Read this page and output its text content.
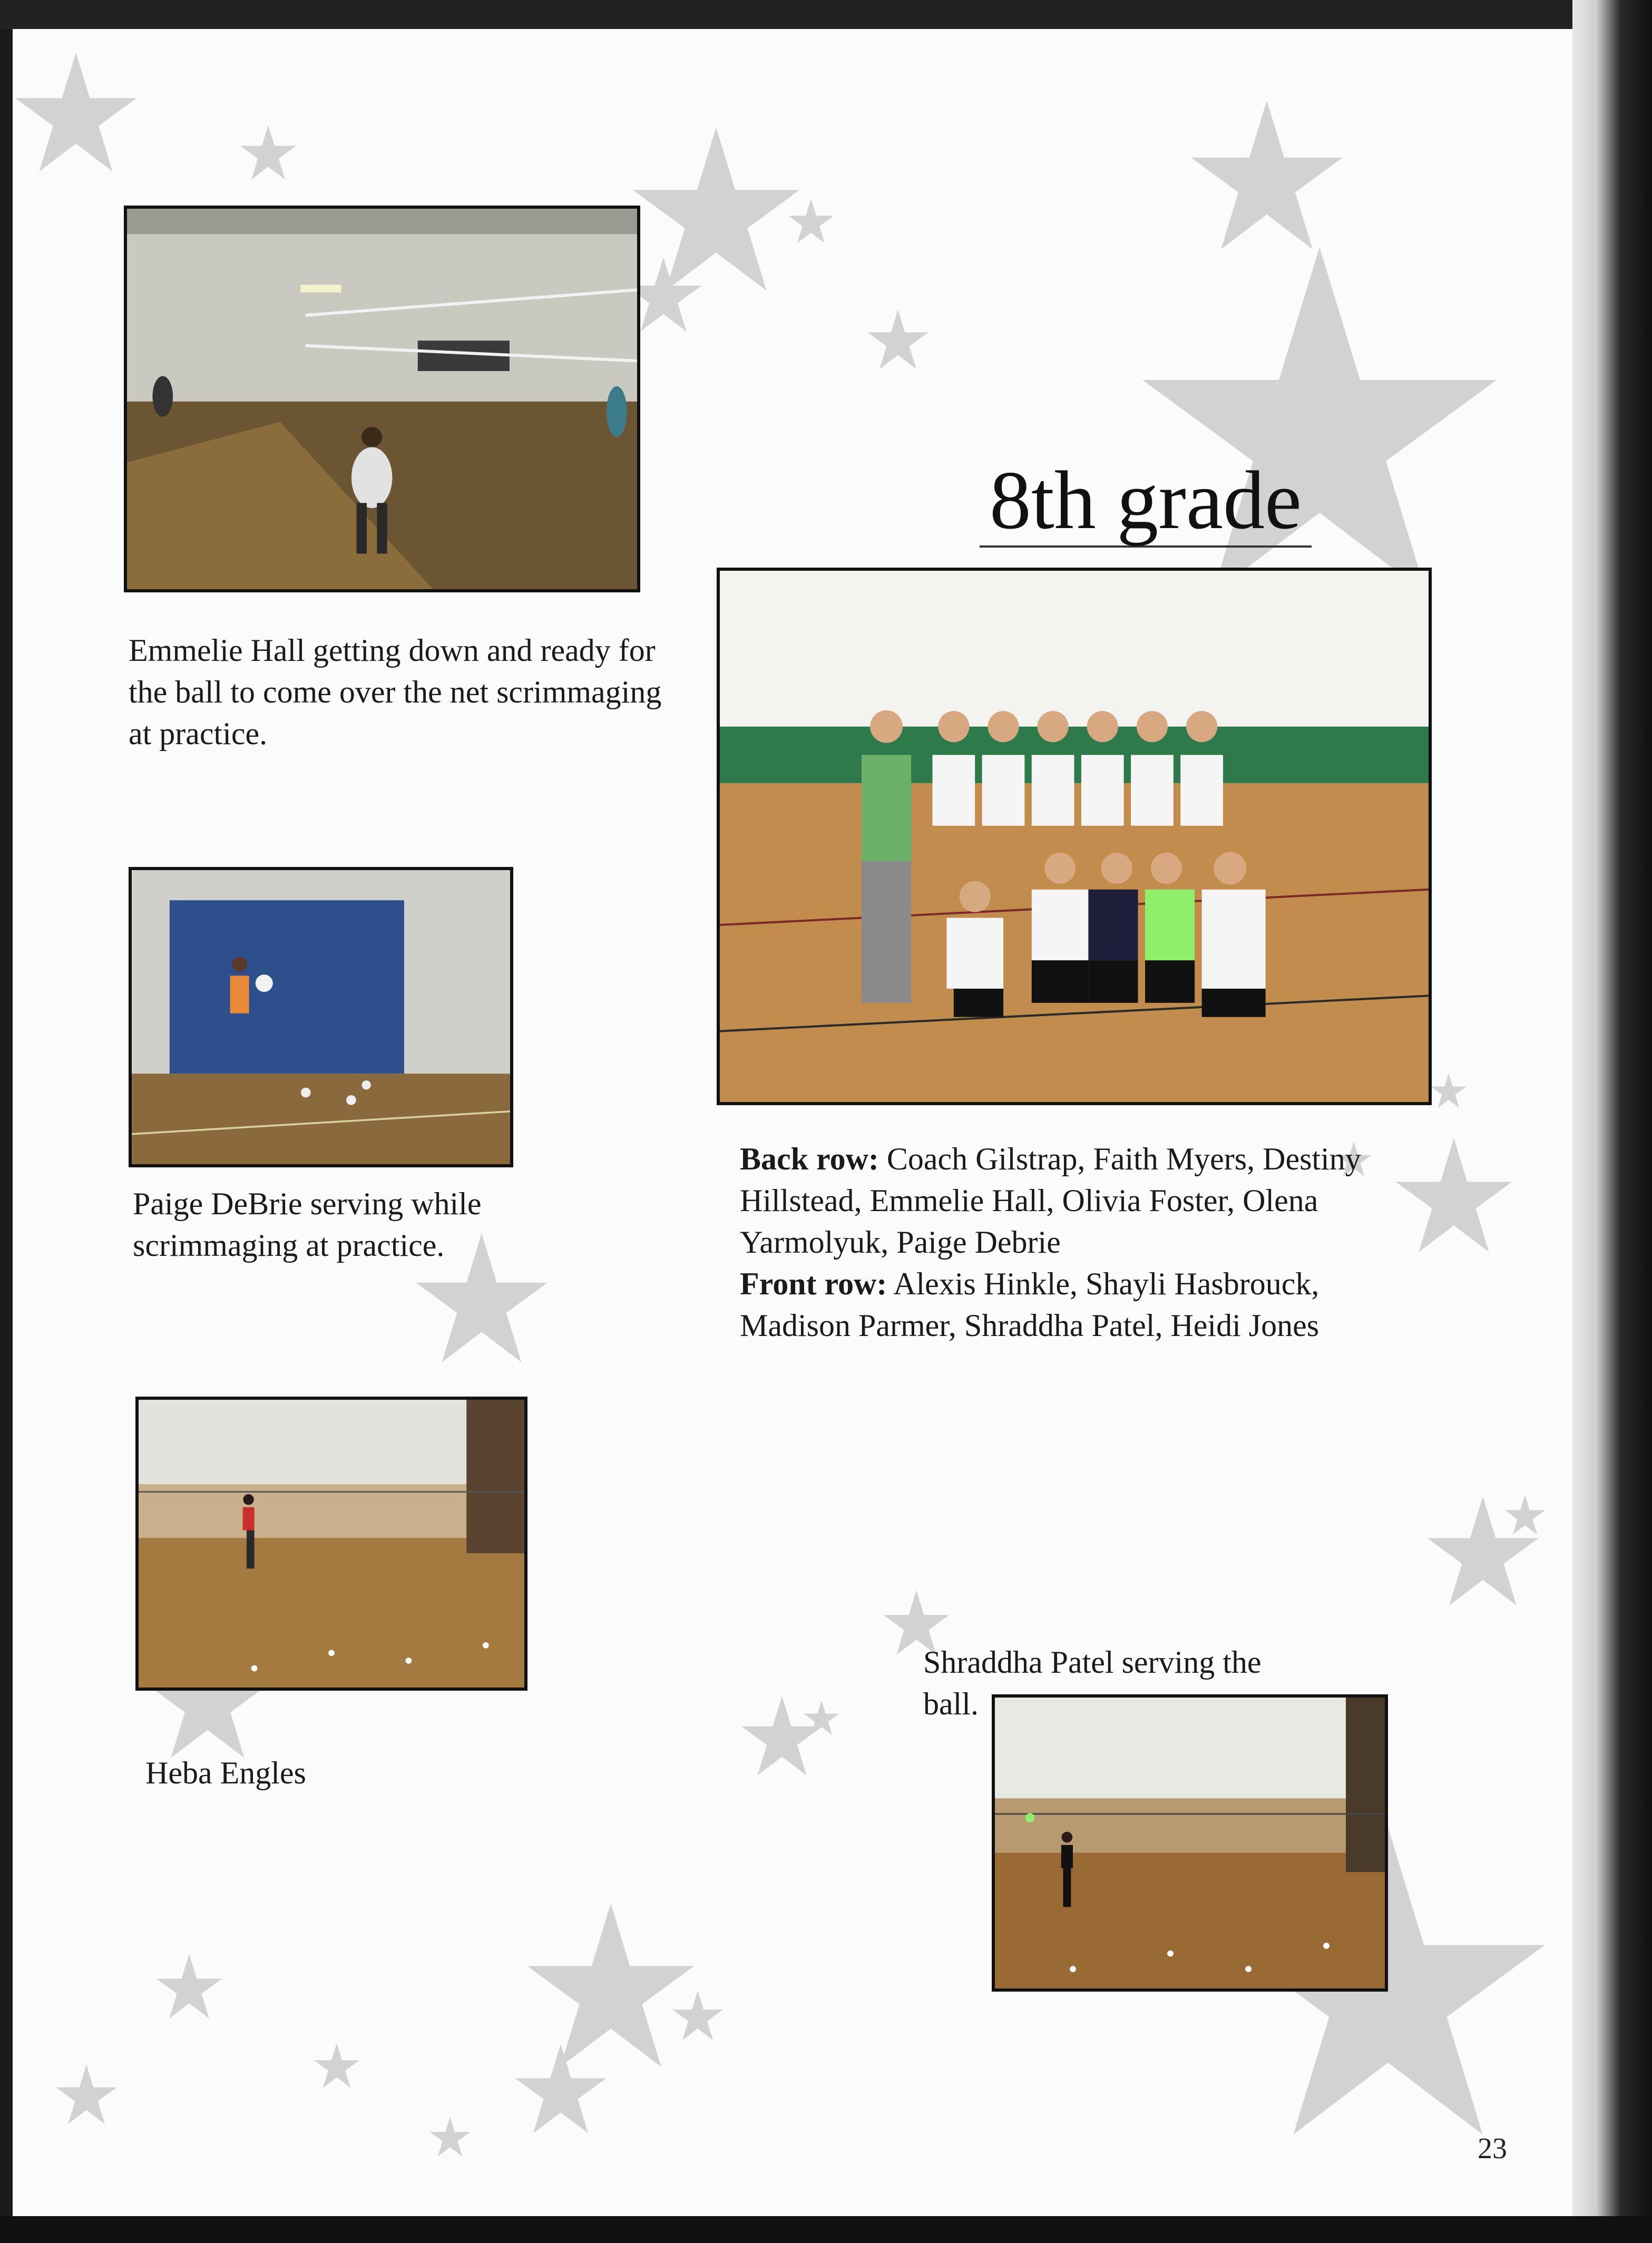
Emmelie Hall getting down and ready for the ball to come over the net scrimmaging at practice.
Paige DeBrie serving while scrimmaging at practice.
Heba Engles
8th grade
Back row: Coach Gilstrap, Faith Myers, Destiny Hillstead, Emmelie Hall, Olivia Foster, Olena Yarmolyuk, Paige Debrie
Front row: Alexis Hinkle, Shayli Hasbrouck, Madison Parmer, Shraddha Patel, Heidi Jones
Shraddha Patel serving the ball.
23
